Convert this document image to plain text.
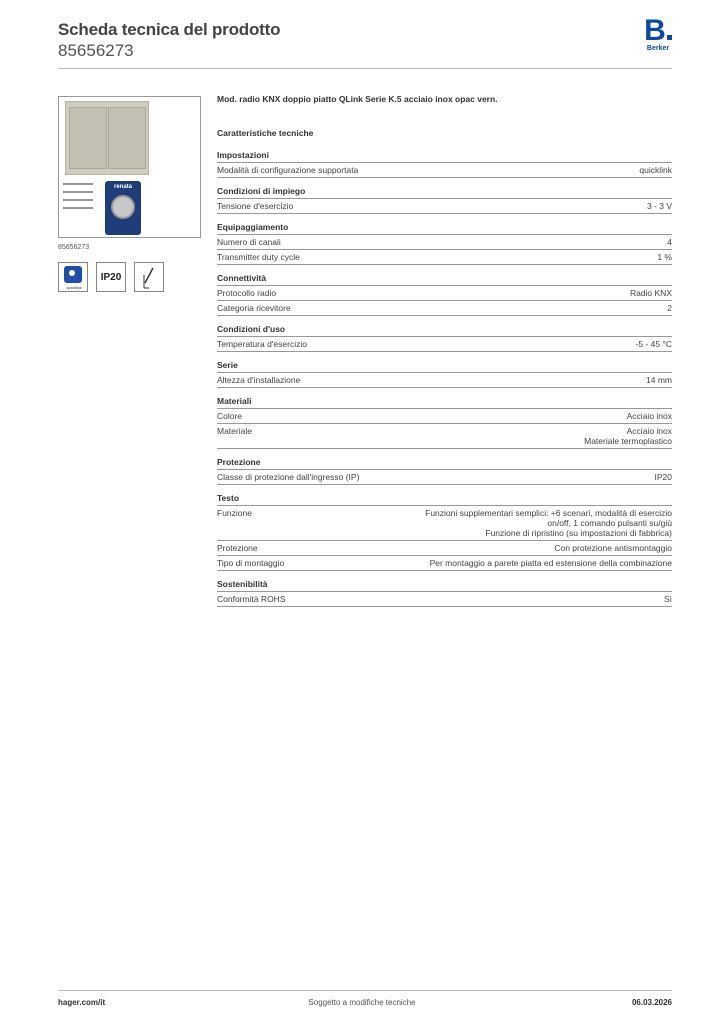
Scheda tecnica del prodotto
85656273
B
Berker
renata
85656273
quicklink
IP20
Mod. radio KNX doppio piatto QLink Serie K.5 acciaio inox opac vern.
Caratteristiche tecniche
Impostazioni
Modalità di configurazione supportata	quicklink
Condizioni di impiego
Tensione d'esercizio	3 - 3 V
Equipaggiamento
Numero di canali	4
Transmitter duty cycle	1 %
Connettività
Protocollo radio	Radio KNX
Categoria ricevitore	2
Condizioni d'uso
Temperatura d'esercizio	-5 - 45 °C
Serie
Altezza d'installazione	14 mm
Materiali
Colore	Acciaio inox
Materiale	Acciaio inox
Materiale termoplastico
Protezione
Classe di protezione dall'ingresso (IP)	IP20
Testo
Funzione	Funzioni supplementari semplici: +6 scenari, modalità di esercizio
on/off, 1 comando pulsanti su/giù
Funzione di ripristino (su impostazioni di fabbrica)
Protezione	Con protezione antismontaggio
Tipo di montaggio	Per montaggio a parete piatta ed estensione della combinazione
Sostenibilità
Conformità ROHS	Sì
hager.com/it	Soggetto a modifiche tecniche	06.03.2026
